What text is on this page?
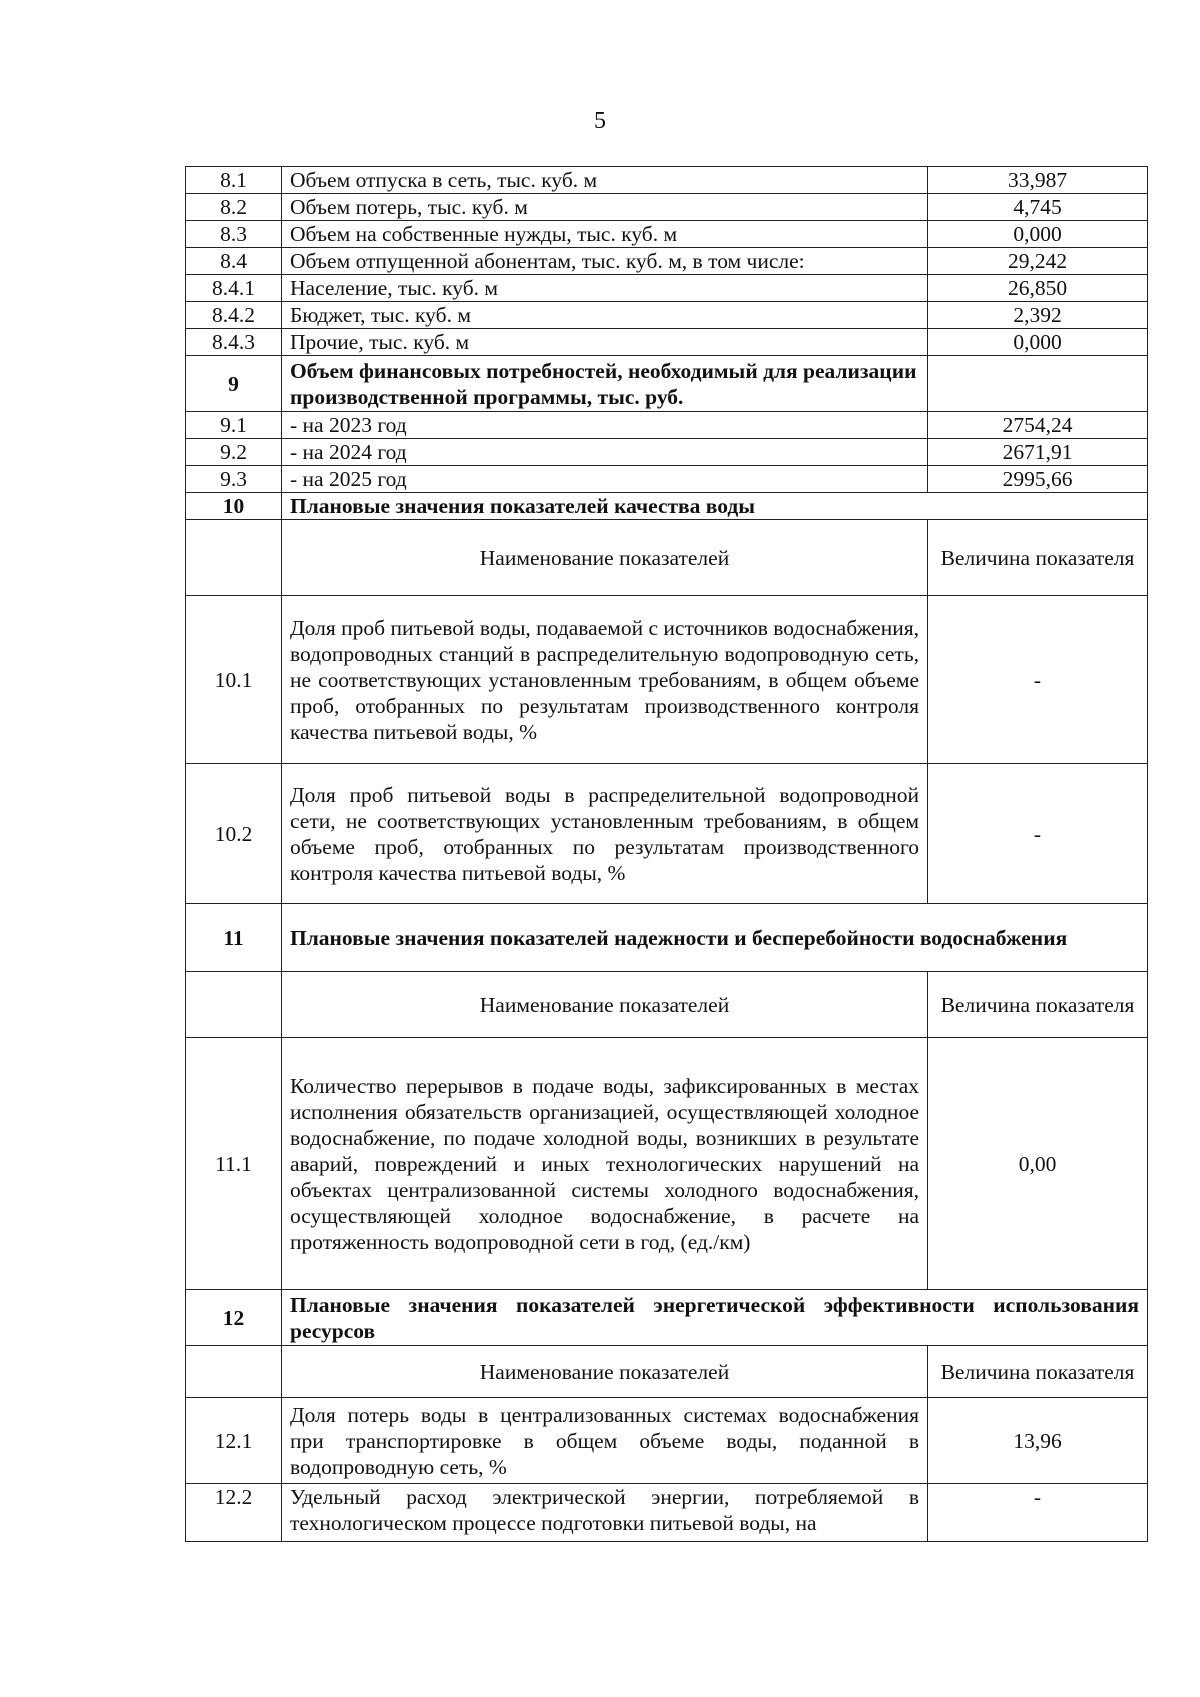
5
8.1	Объем отпуска в сеть, тыс. куб. м	33,987
8.2	Объем потерь, тыс. куб. м	4,745
8.3	Объем на собственные нужды, тыс. куб. м	0,000
8.4	Объем отпущенной абонентам, тыс. куб. м, в том числе:	29,242
8.4.1	Население, тыс. куб. м	26,850
8.4.2	Бюджет, тыс. куб. м	2,392
8.4.3	Прочие, тыс. куб. м	0,000
9	Объем финансовых потребностей, необходимый для реализации производственной программы, тыс. руб.	
9.1	- на 2023 год	2754,24
9.2	- на 2024 год	2671,91
9.3	- на 2025 год	2995,66
10	Плановые значения показателей качества воды	
	Наименование показателей	Величина показателя
10.1	Доля проб питьевой воды, подаваемой с источников водоснабжения, водопроводных станций в распределительную водопроводную сеть, не соответствующих установленным требованиям, в общем объеме проб, отобранных по результатам производственного контроля качества питьевой воды, %	-
10.2	Доля проб питьевой воды в распределительной водопроводной сети, не соответствующих установленным требованиям, в общем объеме проб, отобранных по результатам производственного контроля качества питьевой воды, %	-
11	Плановые значения показателей надежности и бесперебойности водоснабжения	
	Наименование показателей	Величина показателя
11.1	Количество перерывов в подаче воды, зафиксированных в местах исполнения обязательств организацией, осуществляющей холодное водоснабжение, по подаче холодной воды, возникших в результате аварий, повреждений и иных технологических нарушений на объектах централизованной системы холодного водоснабжения, осуществляющей холодное водоснабжение, в расчете на протяженность водопроводной сети в год, (ед./км)	0,00
12	Плановые значения показателей энергетической эффективности использования ресурсов	
	Наименование показателей	Величина показателя
12.1	Доля потерь воды в централизованных системах водоснабжения при транспортировке в общем объеме воды, поданной в водопроводную сеть, %	13,96
12.2	Удельный расход электрической энергии, потребляемой в технологическом процессе подготовки питьевой воды, на	-
